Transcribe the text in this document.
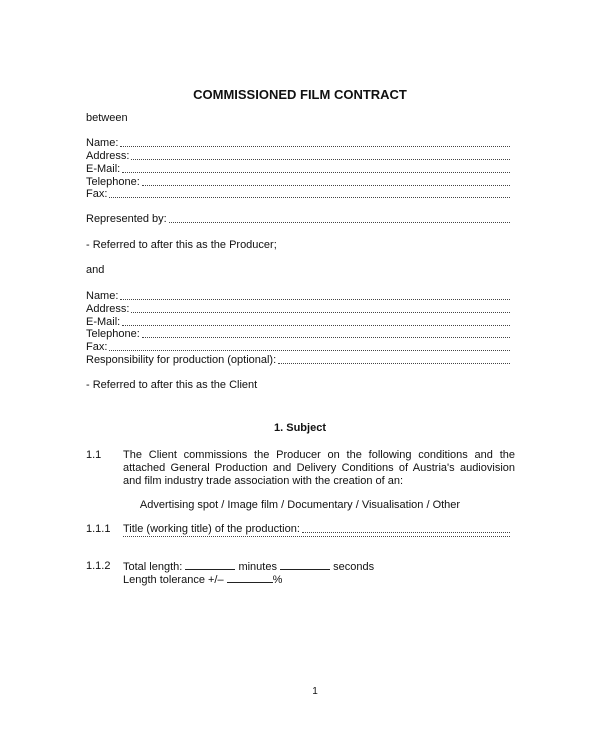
COMMISSIONED FILM CONTRACT
between
Name:
Address:
E-Mail:
Telephone:
Fax:
Represented by:
- Referred to after this as the Producer;
and
Name:
Address:
E-Mail:
Telephone:
Fax:
Responsibility for production (optional):
- Referred to after this as the Client
1. Subject
1.1 The Client commissions the Producer on the following conditions and the attached General Production and Delivery Conditions of Austria's audiovision and film industry trade association with the creation of an:
Advertising spot / Image film / Documentary / Visualisation / Other
1.1.1 Title (working title) of the production:
1.1.2 Total length:	minutes	seconds
Length tolerance +/–	%
1
